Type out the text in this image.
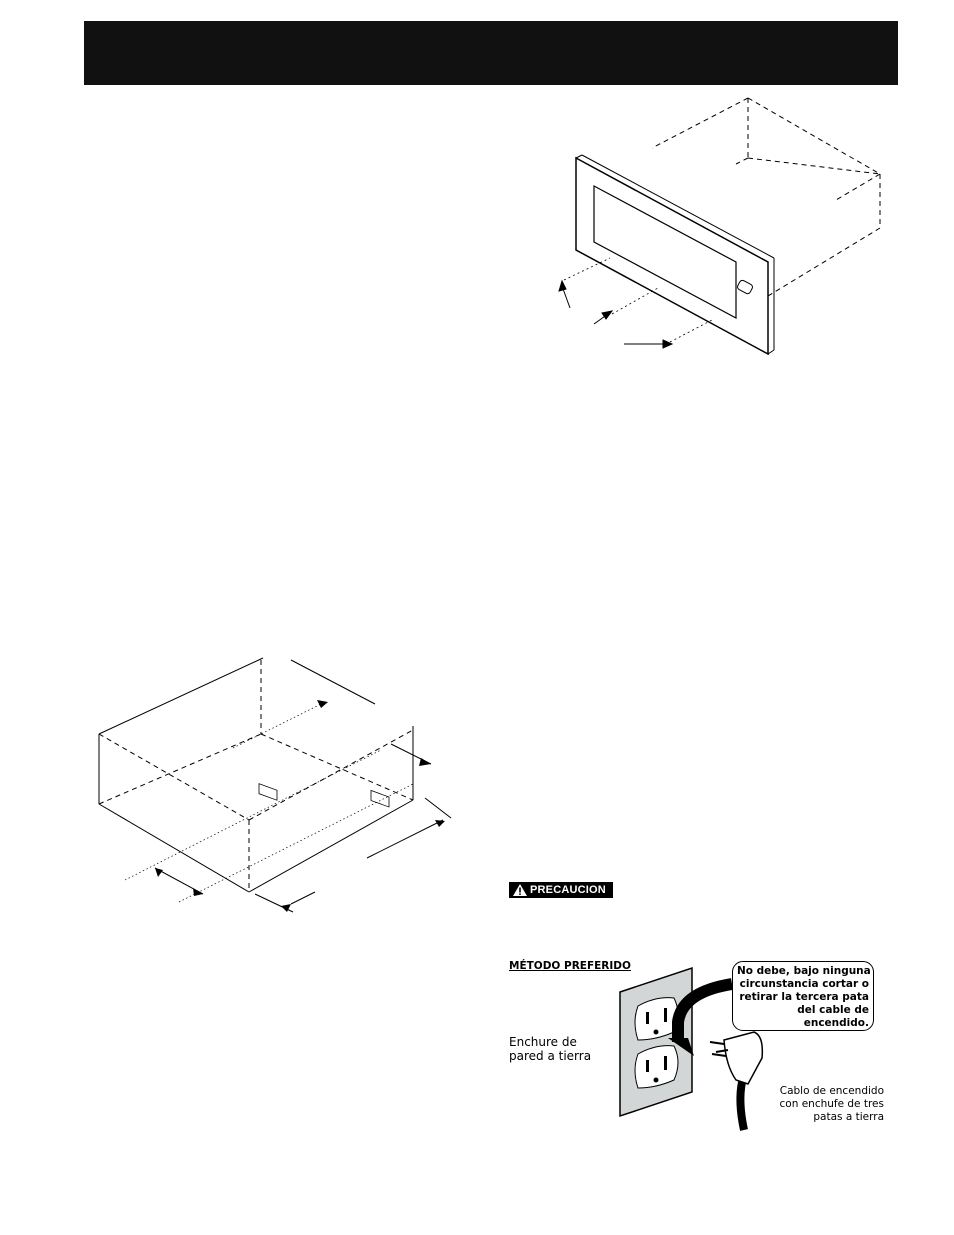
PRECAUCION
MÉTODO PREFERIDO
Enchure de
pared a tierra
No debe, bajo ninguna
circunstancia cortar o
retirar la tercera pata
del cable de
encendido.
Cablo de encendido
con enchufe de tres
patas a tierra
